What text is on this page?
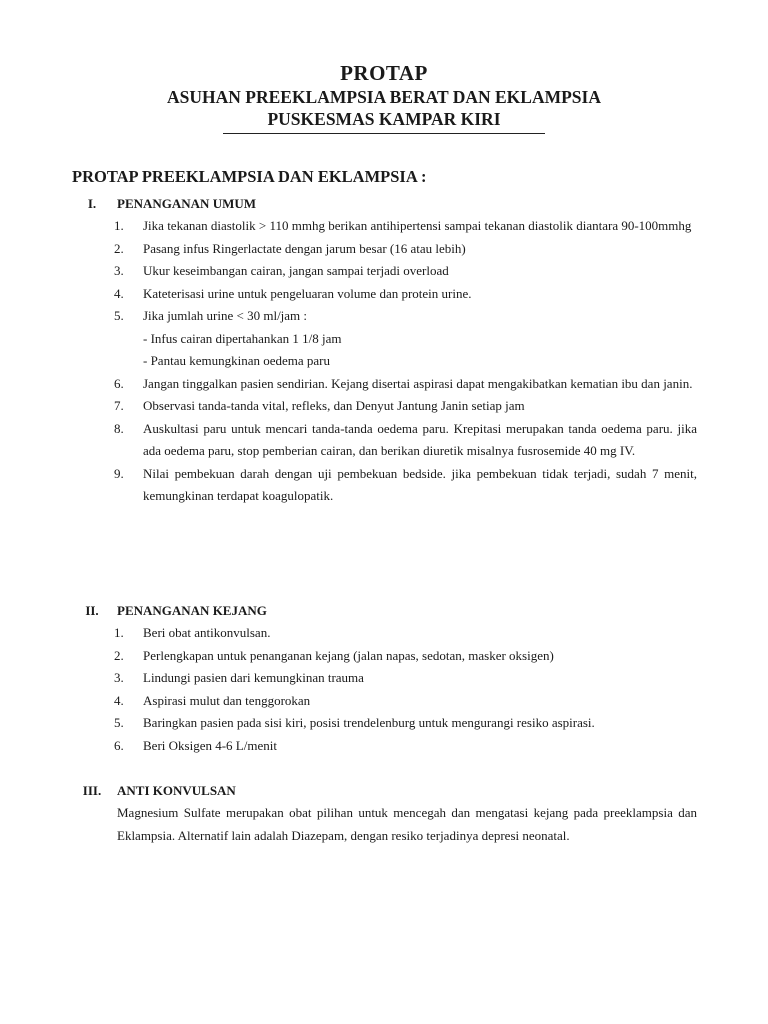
PROTAP
ASUHAN PREEKLAMPSIA BERAT DAN EKLAMPSIA
PUSKESMAS KAMPAR KIRI
PROTAP PREEKLAMPSIA DAN EKLAMPSIA :
I.	PENANGANAN UMUM
1. Jika tekanan diastolik > 110 mmhg berikan antihipertensi sampai tekanan diastolik diantara 90-100mmhg
2. Pasang infus Ringerlactate dengan jarum besar (16 atau lebih)
3. Ukur keseimbangan cairan, jangan sampai terjadi overload
4. Kateterisasi urine untuk pengeluaran volume dan protein urine.
5. Jika jumlah urine < 30 ml/jam :
- Infus cairan dipertahankan 1 1/8 jam
- Pantau kemungkinan oedema paru
6. Jangan tinggalkan pasien sendirian. Kejang disertai aspirasi dapat mengakibatkan kematian ibu dan janin.
7. Observasi tanda-tanda vital, refleks, dan Denyut Jantung Janin setiap jam
8. Auskultasi paru untuk mencari tanda-tanda oedema paru. Krepitasi merupakan tanda oedema paru. jika ada oedema paru, stop pemberian cairan, dan berikan diuretik misalnya fusrosemide 40 mg IV.
9. Nilai pembekuan darah dengan uji pembekuan bedside. jika pembekuan tidak terjadi, sudah 7 menit, kemungkinan terdapat koagulopatik.
II.	PENANGANAN KEJANG
1. Beri obat antikonvulsan.
2. Perlengkapan untuk penanganan kejang (jalan napas, sedotan, masker oksigen)
3. Lindungi pasien dari kemungkinan trauma
4. Aspirasi mulut dan tenggorokan
5. Baringkan pasien pada sisi kiri, posisi trendelenburg untuk mengurangi resiko aspirasi.
6. Beri Oksigen 4-6 L/menit
III.	ANTI KONVULSAN
Magnesium Sulfate merupakan obat pilihan untuk mencegah dan mengatasi kejang pada preeklampsia dan Eklampsia. Alternatif lain adalah Diazepam, dengan resiko terjadinya depresi neonatal.
